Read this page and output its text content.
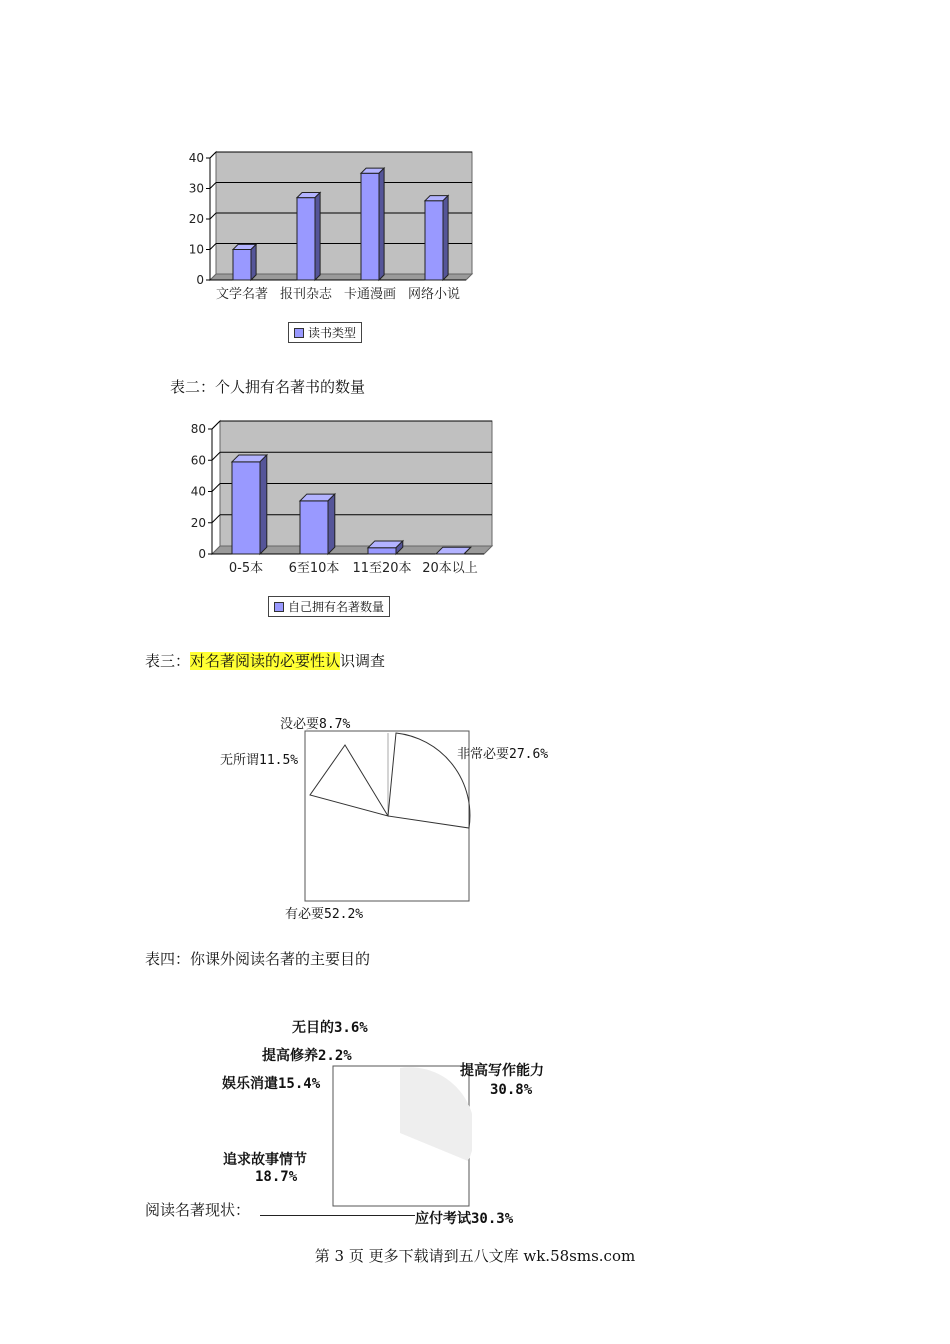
0
10
20
30
40
文学名著 报刊杂志 卡通漫画 网络小说
读书类型
表二：个人拥有名著书的数量
0
20
40
60
80
0-5本 6至10本 11至20本 20本以上
自己拥有名著数量
表三：对名著阅读的必要性认识调查
没必要8.7%
无所谓11.5%	非常必要27.6%
有必要52.2%
表四：你课外阅读名著的主要目的
无目的3.6%
提高修养2.2%
娱乐消遣15.4%
提高写作能力
30.8%
追求故事情节
18.7%
应付考试30.3%
阅读名著现状：
第 3 页 更多下载请到五八文库 wk.58sms.com
